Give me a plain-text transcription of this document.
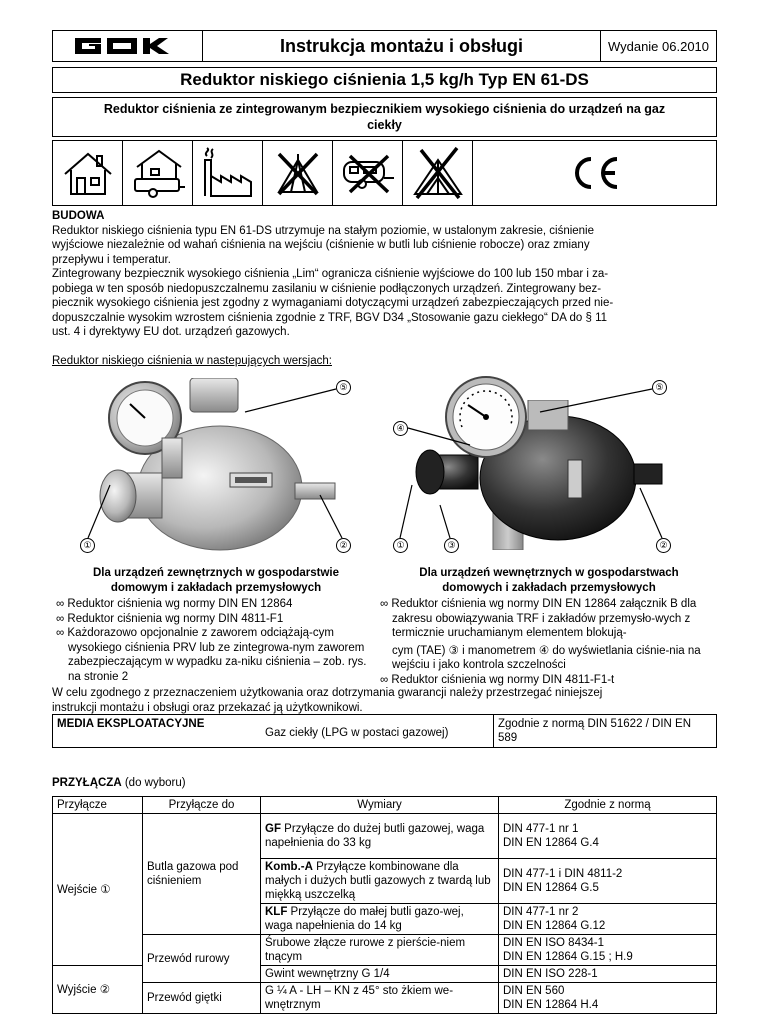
Instrukcja montażu i obsługi	Wydanie 06.2010
Reduktor niskiego ciśnienia 1,5 kg/h Typ EN 61-DS
Reduktor ciśnienia ze zintegrowanym bezpiecznikiem wysokiego ciśnienia do urządzeń na gaz ciekły
BUDOWA
Reduktor niskiego ciśnienia typu EN 61-DS utrzymuje na stałym poziomie, w ustalonym zakresie, ciśnienie
wyjściowe niezależnie od wahań ciśnienia na wejściu (ciśnienie w butli lub ciśnienie robocze) oraz zmiany
przepływu i temperatur.
Zintegrowany bezpiecznik wysokiego ciśnienia „Lim“ ogranicza ciśnienie wyjściowe do 100 lub 150 mbar i za-
pobiega w ten sposób niedopuszczalnemu zasilaniu w ciśnienie podłączonych urządzeń. Zintegrowany bez-
piecznik wysokiego ciśnienia jest zgodny z wymaganiami dotyczącymi urządzeń zabezpieczających przed nie-
dopuszczalnie wysokim wzrostem ciśnienia zgodnie z TRF, BGV D34 „Stosowanie gazu ciekłego“ DA do § 11
ust. 4 i dyrektywy EU dot. urządzeń gazowych.
Reduktor niskiego ciśnienia w nastepujących wersjach:
⑤	⑤
④
①	②	①	③	②
Dla urządzeń zewnętrznych w gospodarstwie
domowym i zakładach przemysłowych
∞ Reduktor ciśnienia wg normy DIN EN 12864
∞ Reduktor ciśnienia wg normy DIN 4811-F1
∞ Każdorazowo opcjonalnie z zaworem odciążają-cym wysokiego ciśnienia PRV lub ze zintegrowa-nym zaworem zabezpieczającym w wypadku za-niku ciśnienia – zob. rys. na stronie 2
Dla urządzeń wewnętrznych w gospodarstwach
domowych i zakładach przemysłowych
∞ Reduktor ciśnienia wg normy DIN EN 12864 załącznik B dla zakresu obowiązywania TRF i zakładów przemysło-wych z termicznie uruchamianym elementem blokują-
cym (TAE) ③ i manometrem ④ do wyświetlania ciśnie-nia na wejściu i jako kontrola szczelności
∞ Reduktor ciśnienia wg normy DIN 4811-F1-t
W celu zgodnego z przeznaczeniem użytkowania oraz dotrzymania gwarancji należy przestrzegać niniejszej
instrukcji montażu i obsługi oraz przekazać ją użytkownikowi.
MEDIA EKSPLOATACYJNE
Gaz ciekły (LPG w postaci gazowej)
Zgodnie z normą DIN 51622 / DIN EN 589
PRZYŁĄCZA (do wyboru)
Przyłącze	Przyłącze do	Wymiary	Zgodnie z normą
Wejście ①	Butla gazowa pod ciśnieniem	GF Przyłącze do dużej butli gazowej, waga napełnienia do 33 kg	DIN 477-1 nr 1
DIN EN 12864 G.4

		Komb.-A Przyłącze kombinowane dla małych i dużych butli gazowych z twardą lub miękką uszczelką	DIN 477-1 i DIN 4811-2
DIN EN 12864 G.5

		KLF Przyłącze do małej butli gazo-wej, waga napełnienia do 14 kg	DIN 477-1 nr 2
DIN EN 12864 G.12

	Przewód rurowy	Śrubowe złącze rurowe z pierście-niem tnącym	DIN EN ISO 8434-1
DIN EN 12864 G.15 ; H.9

Wyjście ②		Gwint wewnętrzny G 1/4	DIN EN ISO 228-1

	Przewód giętki	G ¼ A - LH – KN z 45° sto żkiem we-wnętrznym	DIN EN 560
DIN EN 12864 H.4
